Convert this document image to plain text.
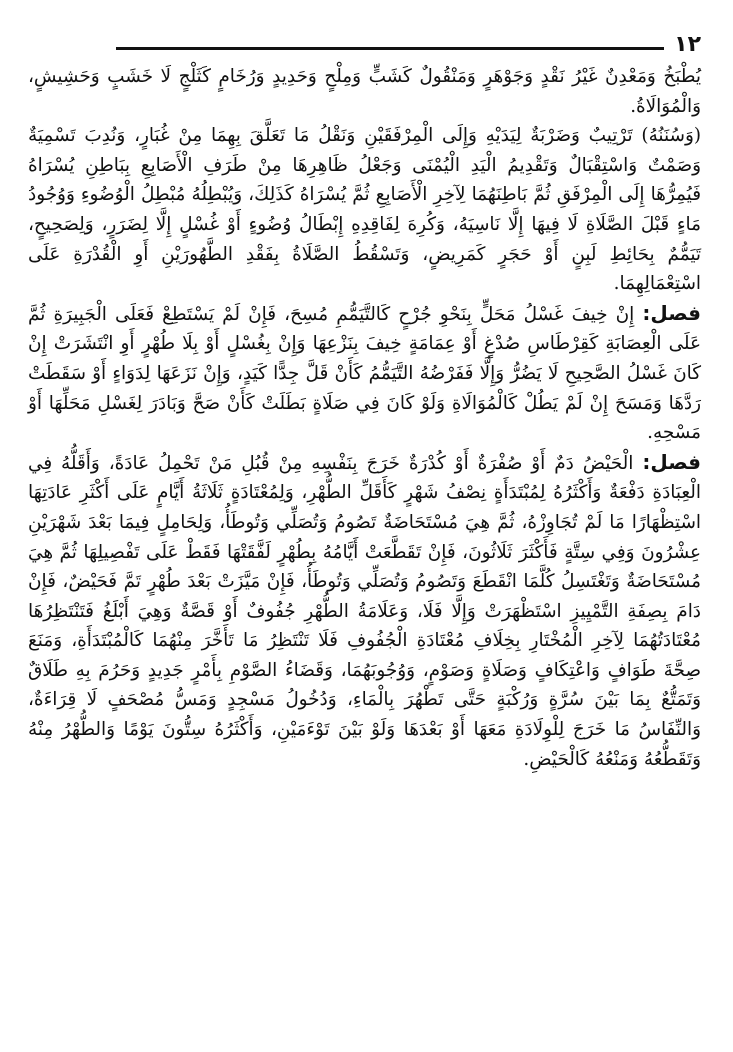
١٢

يُطْبَخُ وَمَعْدِنٌ غَيْرُ نَقْدٍ وَجَوْهَرٍ وَمَنْقُولٌ كَشَبٍّ وَمِلْحٍ وَحَدِيدٍ وَرُخَامٍ كَثَلْجٍ لَا خَشَبٍ وَحَشِيشٍ، وَالْمُوَالَاةُ.

(وَسُنَنُهُ) تَرْتِيبٌ وَضَرْبَةٌ لِيَدَيْهِ وَإِلَى الْمِرْفَقَيْنِ وَنَقْلُ مَا تَعَلَّقَ بِهِمَا مِنْ غُبَارٍ، وَنُدِبَ تَسْمِيَةٌ وَصَمْتٌ وَاسْتِقْبَالٌ وَتَقْدِيمُ الْيَدِ الْيُمْنَى وَجَعْلُ ظَاهِرِهَا مِنْ طَرَفِ الْأَصَابِعِ بِبَاطِنِ يُسْرَاهُ فَيُمِرُّهَا إِلَى الْمِرْفَقِ ثُمَّ بَاطِنَهُمَا لِآخِرِ الْأَصَابِعِ ثُمَّ يُسْرَاهُ كَذَلِكَ، وَيُبْطِلُهُ مُبْطِلُ الْوُضُوءِ وَوُجُودُ مَاءٍ قَبْلَ الصَّلَاةِ لَا فِيهَا إِلَّا نَاسِيَهُ، وَكُرِهَ لِفَاقِدِهِ إِبْطَالُ وُضُوءٍ أَوْ غُسْلٍ إِلَّا لِضَرَرٍ، وَلِصَحِيحٍ، تَيَمُّمٌ بِحَائِطِ لَبِنٍ أَوْ حَجَرٍ كَمَرِيضٍ، وَتَسْقُطُ الصَّلَاةُ بِفَقْدِ الطَّهُورَيْنِ أَوِ الْقُدْرَةِ عَلَى اسْتِعْمَالِهِمَا.

فصل: إِنْ خِيفَ غَسْلُ مَحَلٍّ بِنَحْوِ جُرْحٍ كَالتَّيَمُّمِ مُسِحَ، فَإِنْ لَمْ يَسْتَطِعْ فَعَلَى الْجَبِيرَةِ ثُمَّ عَلَى الْعِصَابَةِ كَقِرْطَاسِ صُدْغٍ أَوْ عِمَامَةٍ خِيفَ بِنَزْعِهَا وَإِنْ بِغُسْلٍ أَوْ بِلَا طُهْرٍ أَوِ انْتَشَرَتْ إِنْ كَانَ غَسْلُ الصَّحِيحِ لَا يَضُرُّ وَإِلَّا فَفَرْضُهُ التَّيَمُّمُ كَأَنْ قَلَّ جِدًّا كَيَدٍ، وَإِنْ نَزَعَهَا لِدَوَاءٍ أَوْ سَقَطَتْ رَدَّهَا وَمَسَحَ إِنْ لَمْ يَطُلْ كَالْمُوَالَاةِ وَلَوْ كَانَ فِي صَلَاةٍ بَطَلَتْ كَأَنْ صَحَّ وَبَادَرَ لِغَسْلِ مَحَلِّهَا أَوْ مَسْحِهِ.

فصل: الْحَيْضُ دَمٌ أَوْ صُفْرَةٌ أَوْ كُدْرَةٌ خَرَجَ بِنَفْسِهِ مِنْ قُبُلِ مَنْ تَحْمِلُ عَادَةً، وَأَقَلُّهُ فِي الْعِبَادَةِ دَفْعَةٌ وَأَكْثَرُهُ لِمُبْتَدَأَةٍ نِصْفُ شَهْرٍ كَأَقَلِّ الطُّهْرِ، وَلِمُعْتَادَةٍ ثَلَاثَةُ أَيَّامٍ عَلَى أَكْثَرِ عَادَتِهَا اسْتِظْهَارًا مَا لَمْ تُجَاوِزْهُ، ثُمَّ هِيَ مُسْتَحَاضَةٌ تَصُومُ وَتُصَلِّي وَتُوطَأُ، وَلِحَامِلٍ فِيمَا بَعْدَ شَهْرَيْنِ عِشْرُونَ وَفِي سِتَّةٍ فَأَكْثَرَ ثَلَاثُونَ، فَإِنْ تَقَطَّعَتْ أَيَّامُهُ بِطُهْرٍ لَفَّقَتْهَا فَقَطْ عَلَى تَفْصِيلِهَا ثُمَّ هِيَ مُسْتَحَاضَةٌ وَتَغْتَسِلُ كُلَّمَا انْقَطَعَ وَتَصُومُ وَتُصَلِّي وَتُوطَأُ، فَإِنْ مَيَّزَتْ بَعْدَ طُهْرٍ تَمَّ فَحَيْضٌ، فَإِنْ دَامَ بِصِفَةِ التَّمْيِيزِ اسْتَظْهَرَتْ وَإِلَّا فَلَا، وَعَلَامَةُ الطُّهْرِ جُفُوفٌ أَوْ قَصَّةٌ وَهِيَ أَبْلَغُ فَتَنْتَظِرُهَا مُعْتَادَتُهُمَا لِآخِرِ الْمُخْتَارِ بِخِلَافِ مُعْتَادَةِ الْجُفُوفِ فَلَا تَنْتَظِرُ مَا تَأَخَّرَ مِنْهُمَا كَالْمُبْتَدَأَةِ، وَمَنَعَ صِحَّةَ طَوَافٍ وَاعْتِكَافٍ وَصَلَاةٍ وَصَوْمٍ، وَوُجُوبَهُمَا، وَقَضَاءُ الصَّوْمِ بِأَمْرٍ جَدِيدٍ وَحَرُمَ بِهِ طَلَاقٌ وَتَمَتُّعٌ بِمَا بَيْنَ سُرَّةٍ وَرُكْبَةٍ حَتَّى تَطْهُرَ بِالْمَاءِ، وَدُخُولُ مَسْجِدٍ وَمَسُّ مُصْحَفٍ لَا قِرَاءَةٌ، وَالنِّفَاسُ مَا خَرَجَ لِلْوِلَادَةِ مَعَهَا أَوْ بَعْدَهَا وَلَوْ بَيْنَ تَوْءَمَيْنِ، وَأَكْثَرُهُ سِتُّونَ يَوْمًا وَالطُّهْرُ مِنْهُ وَتَقَطُّعُهُ وَمَنْعُهُ كَالْحَيْضِ.
